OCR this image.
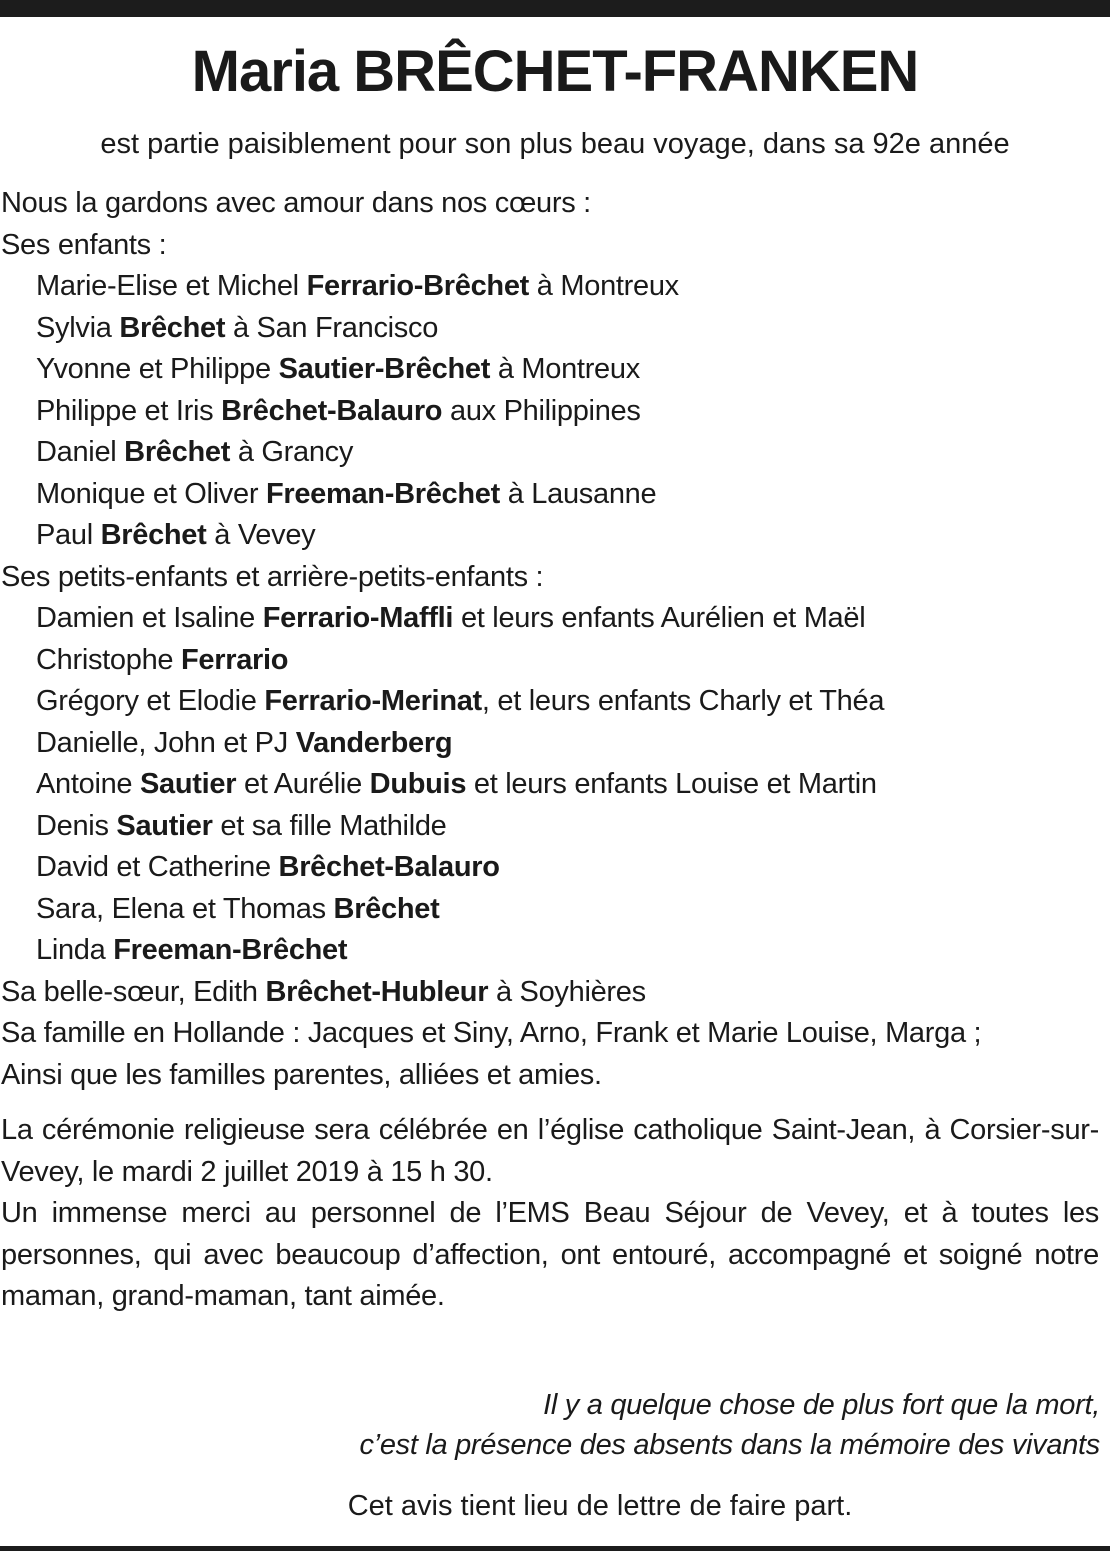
Maria BRÊCHET-FRANKEN
est partie paisiblement pour son plus beau voyage, dans sa 92e année
Nous la gardons avec amour dans nos cœurs :
Ses enfants :
Marie-Elise et Michel Ferrario-Brêchet à Montreux
Sylvia Brêchet à San Francisco
Yvonne et Philippe Sautier-Brêchet à Montreux
Philippe et Iris Brêchet-Balauro aux Philippines
Daniel Brêchet à Grancy
Monique et Oliver Freeman-Brêchet à Lausanne
Paul Brêchet à Vevey
Ses petits-enfants et arrière-petits-enfants :
Damien et Isaline Ferrario-Maffli et leurs enfants Aurélien et Maël
Christophe Ferrario
Grégory et Elodie Ferrario-Merinat, et leurs enfants Charly et Théa
Danielle, John et PJ Vanderberg
Antoine Sautier et Aurélie Dubuis et leurs enfants Louise et Martin
Denis Sautier et sa fille Mathilde
David et Catherine Brêchet-Balauro
Sara, Elena et Thomas Brêchet
Linda Freeman-Brêchet
Sa belle-sœur, Edith Brêchet-Hubleur à Soyhières
Sa famille en Hollande : Jacques et Siny, Arno, Frank et Marie Louise, Marga ;
Ainsi que les familles parentes, alliées et amies.
La cérémonie religieuse sera célébrée en l’église catholique Saint-Jean, à Corsier-sur-Vevey, le mardi 2 juillet 2019 à 15 h 30.
Un immense merci au personnel de l’EMS Beau Séjour de Vevey, et à toutes les personnes, qui avec beaucoup d’affection, ont entouré, accompagné et soigné notre maman, grand-maman, tant aimée.
Il y a quelque chose de plus fort que la mort,
c’est la présence des absents dans la mémoire des vivants
Cet avis tient lieu de lettre de faire part.
